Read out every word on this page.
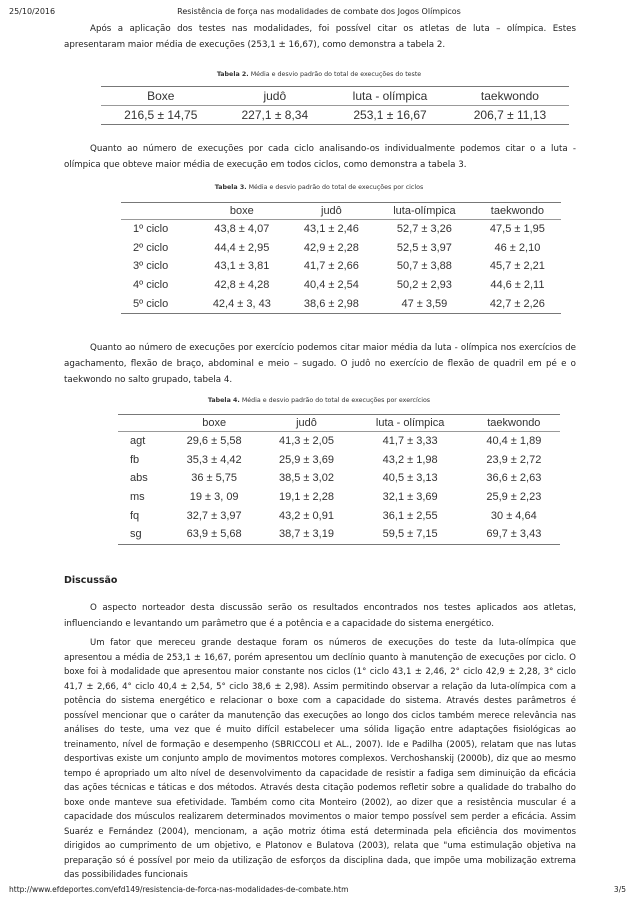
25/10/2016	Resistência de força nas modalidades de combate dos Jogos Olímpicos

Após a aplicação dos testes nas modalidades, foi possível citar os atletas de luta – olímpica. Estes apresentaram maior média de execuções (253,1 ± 16,67), como demonstra a tabela 2.

Tabela 2. Média e desvio padrão do total de execuções do teste
Boxe	judô	luta - olímpica	taekwondo
216,5 ± 14,75	227,1 ± 8,34	253,1 ± 16,67	206,7 ± 11,13

Quanto ao número de execuções por cada ciclo analisando-os individualmente podemos citar o a luta - olímpica que obteve maior média de execução em todos ciclos, como demonstra a tabela 3.

Tabela 3. Média e desvio padrão do total de execuções por ciclos
	boxe	judô	luta-olímpica	taekwondo
1º ciclo	43,8 ± 4,07	43,1 ± 2,46	52,7 ± 3,26	47,5 ± 1,95
2º ciclo	44,4 ± 2,95	42,9 ± 2,28	52,5 ± 3,97	46 ± 2,10
3º ciclo	43,1 ± 3,81	41,7 ± 2,66	50,7 ± 3,88	45,7 ± 2,21
4º ciclo	42,8 ± 4,28	40,4 ± 2,54	50,2 ± 2,93	44,6 ± 2,11
5º ciclo	42,4 ± 3, 43	38,6 ± 2,98	47 ± 3,59	42,7 ± 2,26

Quanto ao número de execuções por exercício podemos citar maior média da luta - olímpica nos exercícios de agachamento, flexão de braço, abdominal e meio – sugado. O judô no exercício de flexão de quadril em pé e o taekwondo no salto grupado, tabela 4.

Tabela 4. Média e desvio padrão do total de execuções por exercícios
	boxe	judô	luta - olímpica	taekwondo
agt	29,6 ± 5,58	41,3 ± 2,05	41,7 ± 3,33	40,4 ± 1,89
fb	35,3 ± 4,42	25,9 ± 3,69	43,2 ± 1,98	23,9 ± 2,72
abs	36 ± 5,75	38,5 ± 3,02	40,5 ± 3,13	36,6 ± 2,63
ms	19 ± 3, 09	19,1 ± 2,28	32,1 ± 3,69	25,9 ± 2,23
fq	32,7 ± 3,97	43,2 ± 0,91	36,1 ± 2,55	30 ± 4,64
sg	63,9 ± 5,68	38,7 ± 3,19	59,5 ± 7,15	69,7 ± 3,43
Discussão

O aspecto norteador desta discussão serão os resultados encontrados nos testes aplicados aos atletas, influenciando e levantando um parâmetro que é a potência e a capacidade do sistema energético.

Um fator que mereceu grande destaque foram os números de execuções do teste da luta-olímpica que apresentou a média de 253,1 ± 16,67, porém apresentou um declínio quanto à manutenção de execuções por ciclo. O boxe foi à modalidade que apresentou maior constante nos ciclos (1° ciclo 43,1 ± 2,46, 2° ciclo 42,9 ± 2,28, 3° ciclo 41,7 ± 2,66, 4° ciclo 40,4 ± 2,54, 5° ciclo 38,6 ± 2,98). Assim permitindo observar a relação da luta-olímpica com a potência do sistema energético e relacionar o boxe com a capacidade do sistema. Através destes parâmetros é possível mencionar que o caráter da manutenção das execuções ao longo dos ciclos também merece relevância nas análises do teste, uma vez que é muito difícil estabelecer uma sólida ligação entre adaptações fisiológicas ao treinamento, nível de formação e desempenho (SBRICCOLI et AL., 2007). Ide e Padilha (2005), relatam que nas lutas desportivas existe um conjunto amplo de movimentos motores complexos. Verchoshanskij (2000b), diz que ao mesmo tempo é apropriado um alto nível de desenvolvimento da capacidade de resistir a fadiga sem diminuição da eficácia das ações técnicas e táticas e dos métodos. Através desta citação podemos refletir sobre a qualidade do trabalho do boxe onde manteve sua efetividade. Também como cita Monteiro (2002), ao dizer que a resistência muscular é a capacidade dos músculos realizarem determinados movimentos o maior tempo possível sem perder a eficácia. Assim Suaréz e Fernández (2004), mencionam, a ação motriz ótima está determinada pela eficiência dos movimentos dirigidos ao cumprimento de um objetivo, e Platonov e Bulatova (2003), relata que "uma estimulação objetiva na preparação só é possível por meio da utilização de esforços da disciplina dada, que impõe uma mobilização extrema das possibilidades funcionais

http://www.efdeportes.com/efd149/resistencia-de-forca-nas-modalidades-de-combate.htm	3/5
